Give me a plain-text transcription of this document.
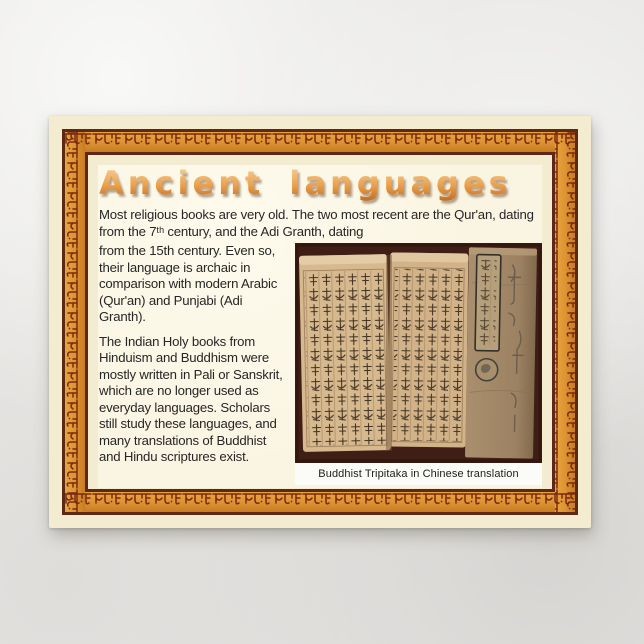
Ancient languages

Most religious books are very old. The two most recent are the Qur'an, dating from the 7ᵗʰ century, and the Adi Granth, dating

from the 15th century. Even so, their language is archaic in comparison with modern Arabic (Qur'an) and Punjabi (Adi Granth).

The Indian Holy books from Hinduism and Buddhism were mostly written in Pali or Sanskrit, which are no longer used as everyday languages. Scholars still study these languages, and many translations of Buddhist and Hindu scriptures exist.

Buddhist Tripitaka in Chinese translation
